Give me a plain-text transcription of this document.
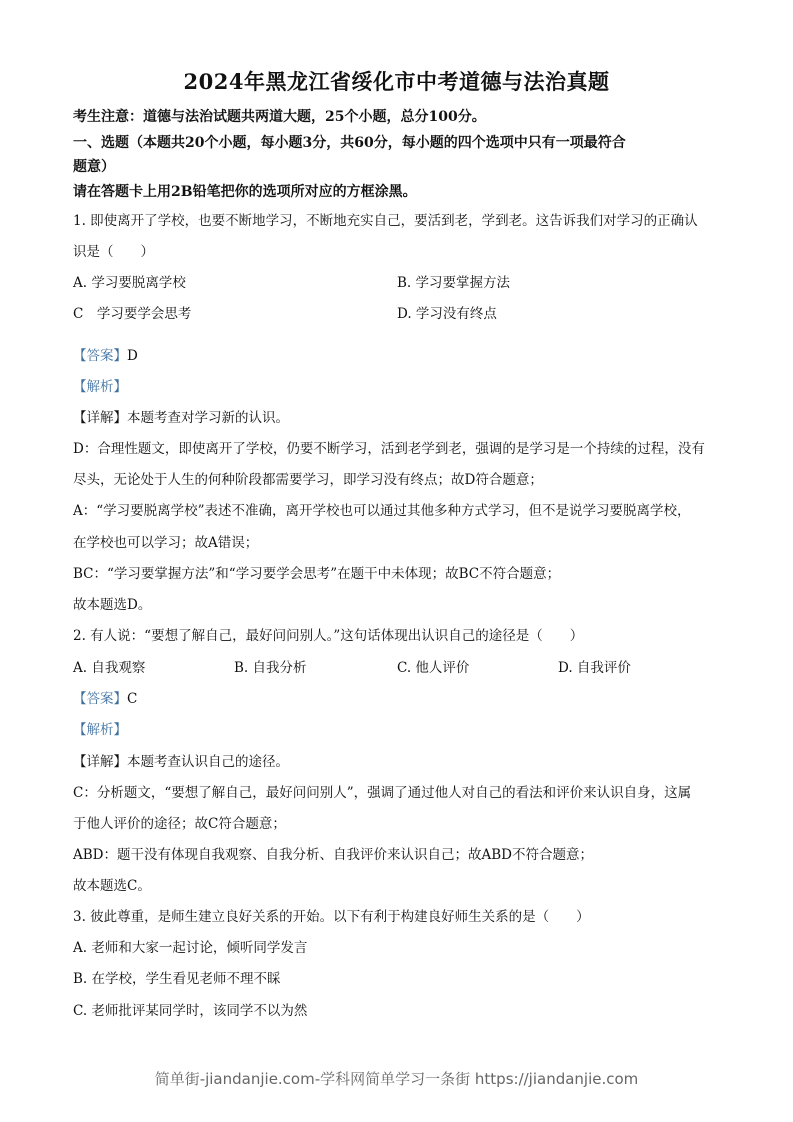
2024年黑龙江省绥化市中考道德与法治真题
考生注意：道德与法治试题共两道大题，25个小题，总分100分。
一、选题（本题共20个小题，每小题3分，共60分，每小题的四个选项中只有一项最符合
题意）
请在答题卡上用2B铅笔把你的选项所对应的方框涂黑。
1. 即使离开了学校，也要不断地学习，不断地充实自己，要活到老，学到老。这告诉我们对学习的正确认
识是（　　）
A. 学习要脱离学校	B. 学习要掌握方法
C　学习要学会思考	D. 学习没有终点
【答案】D
【解析】
【详解】本题考查对学习新的认识。
D：合理性题文，即使离开了学校，仍要不断学习，活到老学到老，强调的是学习是一个持续的过程，没有
尽头，无论处于人生的何种阶段都需要学习，即学习没有终点；故D符合题意；
A：“学习要脱离学校”表述不准确，离开学校也可以通过其他多种方式学习，但不是说学习要脱离学校，
在学校也可以学习；故A错误；
BC：“学习要掌握方法”和“学习要学会思考”在题干中未体现；故BC不符合题意；
故本题选D。
2. 有人说：“要想了解自己，最好问问别人。”这句话体现出认识自己的途径是（　　）
A. 自我观察	B. 自我分析	C. 他人评价	D. 自我评价
【答案】C
【解析】
【详解】本题考查认识自己的途径。
C：分析题文，“要想了解自己，最好问问别人”，强调了通过他人对自己的看法和评价来认识自身，这属
于他人评价的途径；故C符合题意；
ABD：题干没有体现自我观察、自我分析、自我评价来认识自己；故ABD不符合题意；
故本题选C。
3. 彼此尊重，是师生建立良好关系的开始。以下有利于构建良好师生关系的是（　　）
A. 老师和大家一起讨论，倾听同学发言
B. 在学校，学生看见老师不理不睬
C. 老师批评某同学时，该同学不以为然
简单街-jiandanjie.com-学科网简单学习一条街 https://jiandanjie.com
